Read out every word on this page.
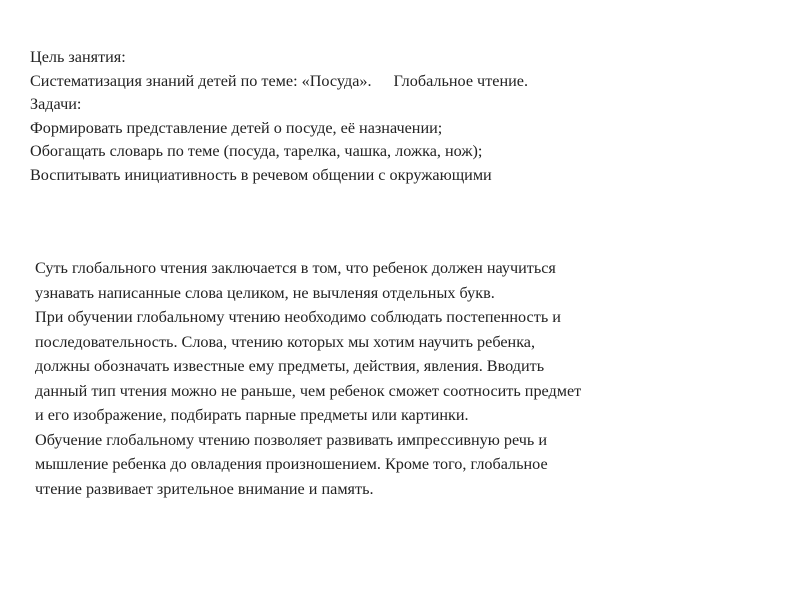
Цель занятия:

Систематизация знаний детей по теме: «Посуда». Глобальное чтение.

Задачи:

Формировать представление детей о посуде, её назначении;

Обогащать словарь по теме (посуда, тарелка, чашка, ложка, нож);

Воспитывать инициативность в речевом общении с окружающими

Суть глобального чтения заключается в том, что ребенок должен научиться

узнавать написанные слова целиком, не вычленяя отдельных букв.

При обучении глобальному чтению необходимо соблюдать постепенность и

последовательность. Слова, чтению которых мы хотим научить ребенка,

должны обозначать известные ему предметы, действия, явления. Вводить

данный тип чтения можно не раньше, чем ребенок сможет соотносить предмет

и его изображение, подбирать парные предметы или картинки.

Обучение глобальному чтению позволяет развивать импрессивную речь и

мышление ребенка до овладения произношением. Кроме того, глобальное

чтение развивает зрительное внимание и память.
